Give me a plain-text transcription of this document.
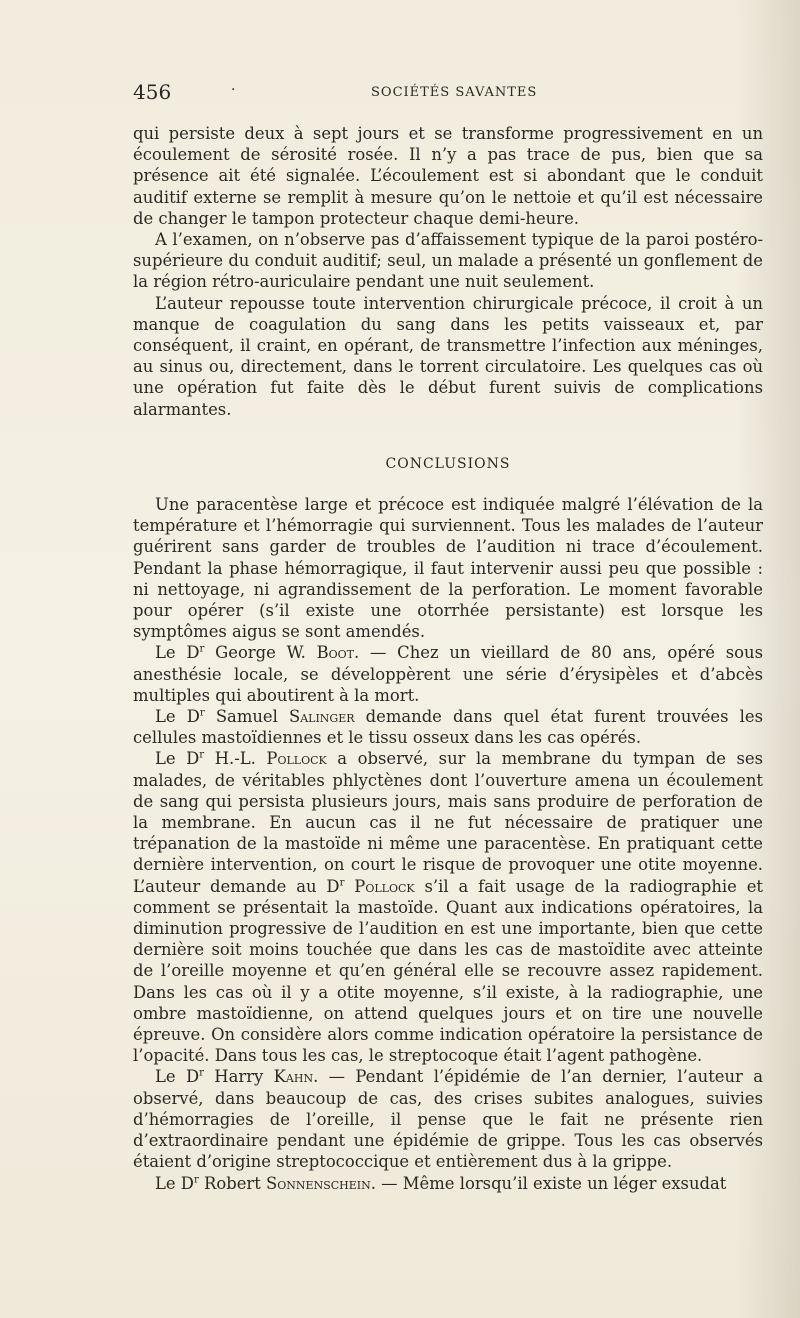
456	·	SOCIÉTÉS SAVANTES

qui persiste deux à sept jours et se transforme progressivement en un écoulement de sérosité rosée. Il n’y a pas trace de pus, bien que sa présence ait été signalée. L’écoulement est si abondant que le conduit auditif externe se remplit à mesure qu’on le nettoie et qu’il est nécessaire de changer le tampon protecteur chaque demi-heure.

A l’examen, on n’observe pas d’affaissement typique de la paroi postéro-supérieure du conduit auditif; seul, un malade a présenté un gonflement de la région rétro-auriculaire pendant une nuit seulement.

L’auteur repousse toute intervention chirurgicale précoce, il croit à un manque de coagulation du sang dans les petits vaisseaux et, par conséquent, il craint, en opérant, de transmettre l’infection aux méninges, au sinus ou, directement, dans le torrent circulatoire. Les quelques cas où une opération fut faite dès le début furent suivis de complications alarmantes.

CONCLUSIONS

Une paracentèse large et précoce est indiquée malgré l’élévation de la température et l’hémorragie qui surviennent. Tous les malades de l’auteur guérirent sans garder de troubles de l’audition ni trace d’écoulement. Pendant la phase hémorragique, il faut intervenir aussi peu que possible : ni nettoyage, ni agrandissement de la perforation. Le moment favorable pour opérer (s’il existe une otorrhée persistante) est lorsque les symptômes aigus se sont amendés.

Le $D^r$ George W. Boot. — Chez un vieillard de 80 ans, opéré sous anesthésie locale, se développèrent une série d’érysipèles et d’abcès multiples qui aboutirent à la mort.

Le $D^r$ Samuel Salinger demande dans quel état furent trouvées les cellules mastoïdiennes et le tissu osseux dans les cas opérés.

Le $D^r$ H.-L. Pollock a observé, sur la membrane du tympan de ses malades, de véritables phlyctènes dont l’ouverture amena un écoulement de sang qui persista plusieurs jours, mais sans produire de perforation de la membrane. En aucun cas il ne fut nécessaire de pratiquer une trépanation de la mastoïde ni même une paracentèse. En pratiquant cette dernière intervention, on court le risque de provoquer une otite moyenne. L’auteur demande au $D^r$ Pollock s’il a fait usage de la radiographie et comment se présentait la mastoïde. Quant aux indications opératoires, la diminution progressive de l’audition en est une importante, bien que cette dernière soit moins touchée que dans les cas de mastoïdite avec atteinte de l’oreille moyenne et qu’en général elle se recouvre assez rapidement. Dans les cas où il y a otite moyenne, s’il existe, à la radiographie, une ombre mastoïdienne, on attend quelques jours et on tire une nouvelle épreuve. On considère alors comme indication opératoire la persistance de l’opacité. Dans tous les cas, le streptocoque était l’agent pathogène.

Le $D^r$ Harry Kahn. — Pendant l’épidémie de l’an dernier, l’auteur a observé, dans beaucoup de cas, des crises subites analogues, suivies d’hémorragies de l’oreille, il pense que le fait ne présente rien d’extraordinaire pendant une épidémie de grippe. Tous les cas observés étaient d’origine streptococcique et entièrement dus à la grippe.

Le $D^r$ Robert Sonnenschein. — Même lorsqu’il existe un léger exsudat
